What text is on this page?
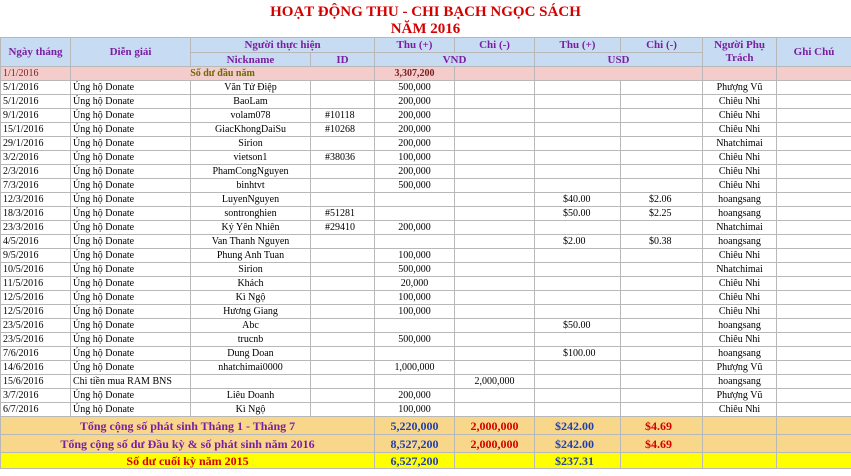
HOẠT ĐỘNG THU - CHI BẠCH NGỌC SÁCH
NĂM 2016
Ngày tháng	Diễn giải	Người thực hiện		Thu (+)	Chi (-)	Thu (+)	Chi (-)	Người Phụ Trách	Ghi Chú
		Nickname	ID	VND		USD			
1/1/2016	Số dư đầu năm			3,307,200					
5/1/2016	Ủng hộ Donate	Văn Tử Điệp		500,000				Phượng Vũ	
5/1/2016	Ủng hộ Donate	BaoLam		200,000				Chiêu Nhi	
9/1/2016	Ủng hộ Donate	volam078	#10118	200,000				Chiêu Nhi	
15/1/2016	Ủng hộ Donate	GiacKhongDaiSu	#10268	200,000				Chiêu Nhi	
29/1/2016	Ủng hộ Donate	Sirion		200,000				Nhatchimai	
3/2/2016	Ủng hộ Donate	vietson1	#38036	100,000				Chiêu Nhi	
2/3/2016	Ủng hộ Donate	PhamCongNguyen		200,000				Chiêu Nhi	
7/3/2016	Ủng hộ Donate	binhtvt		500,000				Chiêu Nhi	
12/3/2016	Ủng hộ Donate	LuyenNguyen				$40.00	$2.06	hoangsang	
18/3/2016	Ủng hộ Donate	sontronghien	#51281			$50.00	$2.25	hoangsang	
23/3/2016	Ủng hộ Donate	Kỷ Yên Nhiên	#29410	200,000				Nhatchimai	
4/5/2016	Ủng hộ Donate	Van Thanh Nguyen				$2.00	$0.38	hoangsang	
9/5/2016	Ủng hộ Donate	Phung Anh Tuan		100,000				Chiêu Nhi	
10/5/2016	Ủng hộ Donate	Sirion		500,000				Nhatchimai	
11/5/2016	Ủng hộ Donate	Khách		20,000				Chiêu Nhi	
12/5/2016	Ủng hộ Donate	Kì Ngộ		100,000				Chiêu Nhi	
12/5/2016	Ủng hộ Donate	Hương Giang		100,000				Chiêu Nhi	
23/5/2016	Ủng hộ Donate	Abc				$50.00		hoangsang	
23/5/2016	Ủng hộ Donate	trucnb		500,000				Chiêu Nhi	
7/6/2016	Ủng hộ Donate	Dung Doan				$100.00		hoangsang	
14/6/2016	Ủng hộ Donate	nhatchimai0000		1,000,000				Phượng Vũ	
15/6/2016	Chi tiền mua RAM BNS				2,000,000			hoangsang	
3/7/2016	Ủng hộ Donate	Liêu Doanh		200,000				Phượng Vũ	
6/7/2016	Ủng hộ Donate	Kì Ngộ		100,000				Chiêu Nhi	
Tổng cộng số phát sinh Tháng 1 - Tháng 7				5,220,000	2,000,000	$242.00	$4.69		
Tổng cộng số dư Đầu kỳ & số phát sinh năm 2016				8,527,200	2,000,000	$242.00	$4.69		
Số dư cuối kỳ năm 2015				6,527,200		$237.31			
